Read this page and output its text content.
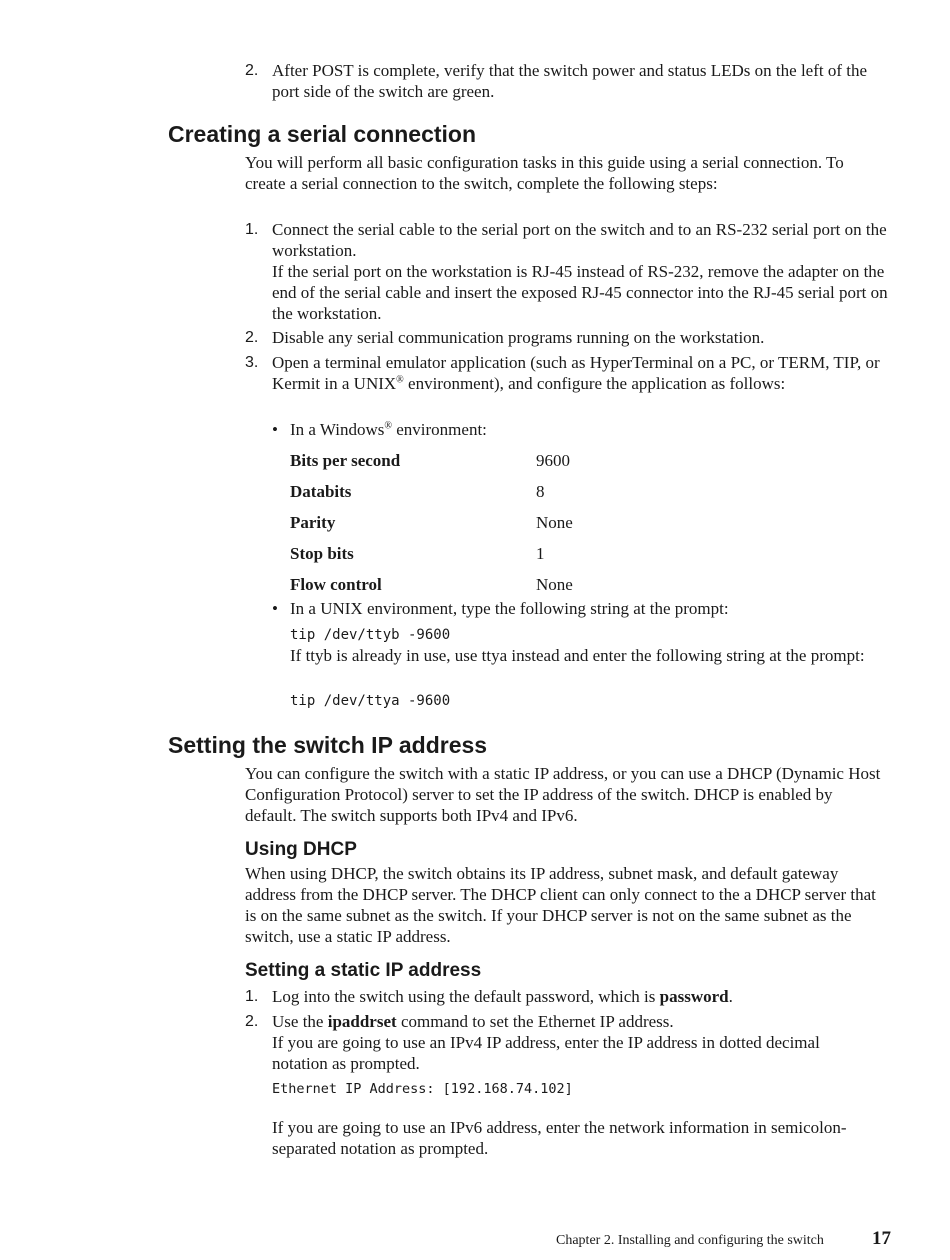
2. After POST is complete, verify that the switch power and status LEDs on the left of the port side of the switch are green.
Creating a serial connection

You will perform all basic configuration tasks in this guide using a serial connection. To create a serial connection to the switch, complete the following steps:

1. Connect the serial cable to the serial port on the switch and to an RS-232 serial port on the workstation.

If the serial port on the workstation is RJ-45 instead of RS-232, remove the adapter on the end of the serial cable and insert the exposed RJ-45 connector into the RJ-45 serial port on the workstation.

2. Disable any serial communication programs running on the workstation.
3. Open a terminal emulator application (such as HyperTerminal on a PC, or TERM, TIP, or Kermit in a UNIX® environment), and configure the application as follows:
• In a Windows® environment:
Bits per second	9600
Databits	8
Parity	None
Stop bits	1
Flow control	None
• In a UNIX environment, type the following string at the prompt:
tip /dev/ttyb -9600

If ttyb is already in use, use ttya instead and enter the following string at the prompt:

tip /dev/ttya -9600
Setting the switch IP address

You can configure the switch with a static IP address, or you can use a DHCP (Dynamic Host Configuration Protocol) server to set the IP address of the switch. DHCP is enabled by default. The switch supports both IPv4 and IPv6.

Using DHCP

When using DHCP, the switch obtains its IP address, subnet mask, and default gateway address from the DHCP server. The DHCP client can only connect to the a DHCP server that is on the same subnet as the switch. If your DHCP server is not on the same subnet as the switch, use a static IP address.

Setting a static IP address
1. Log into the switch using the default password, which is password.
2. Use the ipaddrset command to set the Ethernet IP address.

If you are going to use an IPv4 IP address, enter the IP address in dotted decimal notation as prompted.

Ethernet IP Address: [192.168.74.102]

If you are going to use an IPv6 address, enter the network information in semicolon-separated notation as prompted.

Chapter 2. Installing and configuring the switch	17
